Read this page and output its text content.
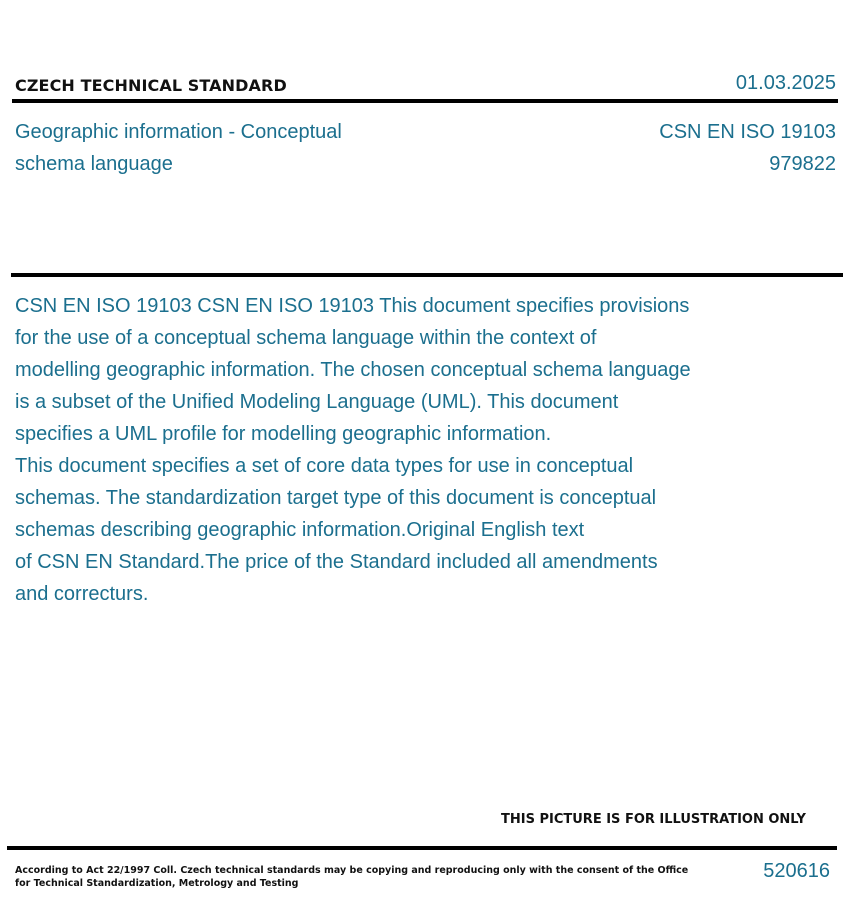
CZECH TECHNICAL STANDARD	01.03.2025
Geographic information - Conceptual
schema language
CSN EN ISO 19103
979822
CSN EN ISO 19103 CSN EN ISO 19103 This document specifies provisions
for the use of a conceptual schema language within the context of
modelling geographic information. The chosen conceptual schema language
is a subset of the Unified Modeling Language (UML). This document
specifies a UML profile for modelling geographic information.
This document specifies a set of core data types for use in conceptual
schemas. The standardization target type of this document is conceptual
schemas describing geographic information.Original English text
of CSN EN Standard.The price of the Standard included all amendments
and correcturs.
THIS PICTURE IS FOR ILLUSTRATION ONLY
According to Act 22/1997 Coll. Czech technical standards may be copying and reproducing only with the consent of the Office
for Technical Standardization, Metrology and Testing
520616
